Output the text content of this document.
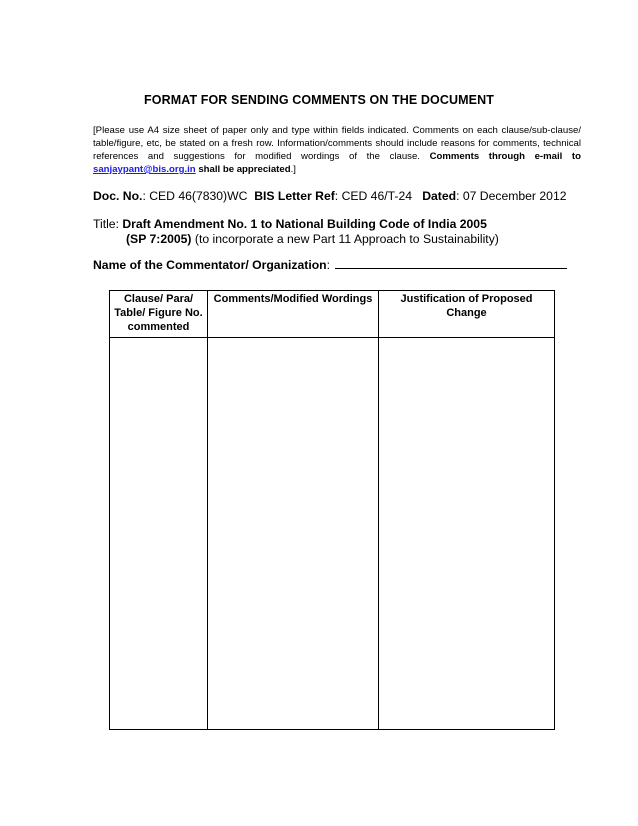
FORMAT FOR SENDING COMMENTS ON THE DOCUMENT
[Please use A4 size sheet of paper only and type within fields indicated. Comments on each clause/sub-clause/ table/figure, etc, be stated on a fresh row. Information/comments should include reasons for comments, technical references and suggestions for modified wordings of the clause. Comments through e-mail to sanjaypant@bis.org.in shall be appreciated.]
Doc. No.: CED 46(7830)WC BIS Letter Ref: CED 46/T-24 Dated: 07 December 2012
Title: Draft Amendment No. 1 to National Building Code of India 2005
(SP 7:2005) (to incorporate a new Part 11 Approach to Sustainability)
Name of the Commentator/ Organization:
Clause/ Para/ Table/ Figure No. commented	Comments/Modified Wordings	Justification of Proposed Change
